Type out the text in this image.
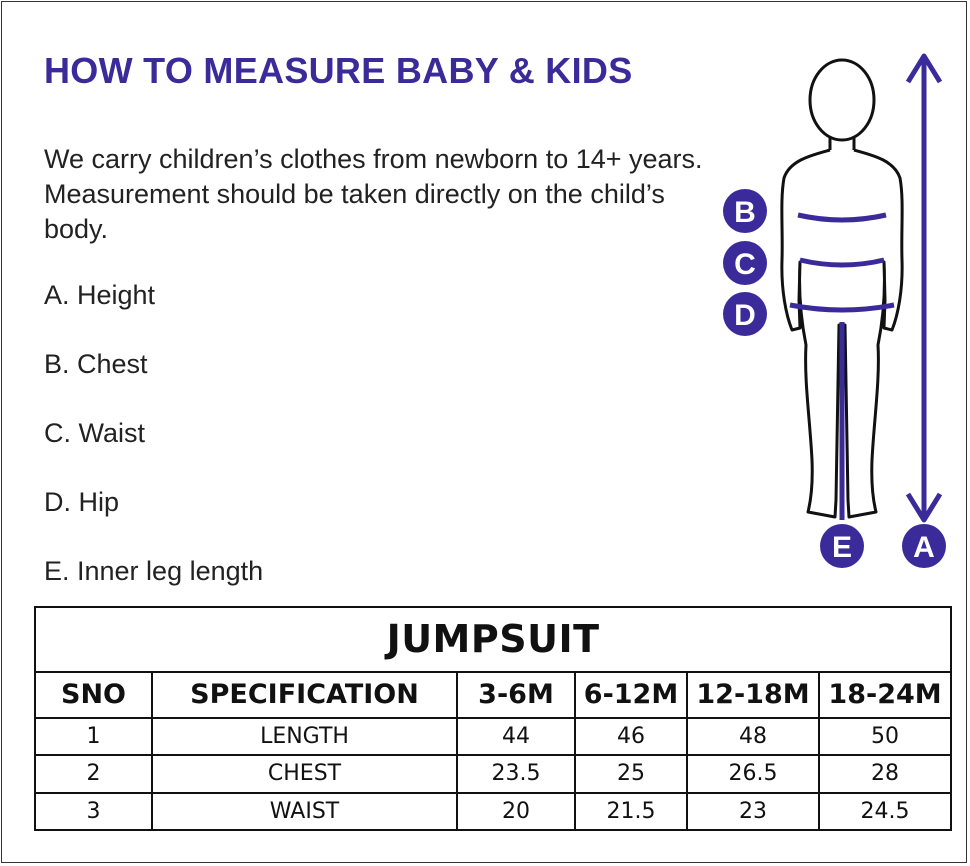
HOW TO MEASURE BABY & KIDS
We carry children’s clothes from newborn to 14+ years. Measurement should be taken directly on the child’s body.
A. Height
B. Chest
C. Waist
D. Hip
E. Inner leg length
B
C
D
E A
JUMPSUIT					
SNO	SPECIFICATION	3-6M	6-12M	12-18M	18-24M
1	LENGTH	44	46	48	50
2	CHEST	23.5	25	26.5	28
3	WAIST	20	21.5	23	24.5
